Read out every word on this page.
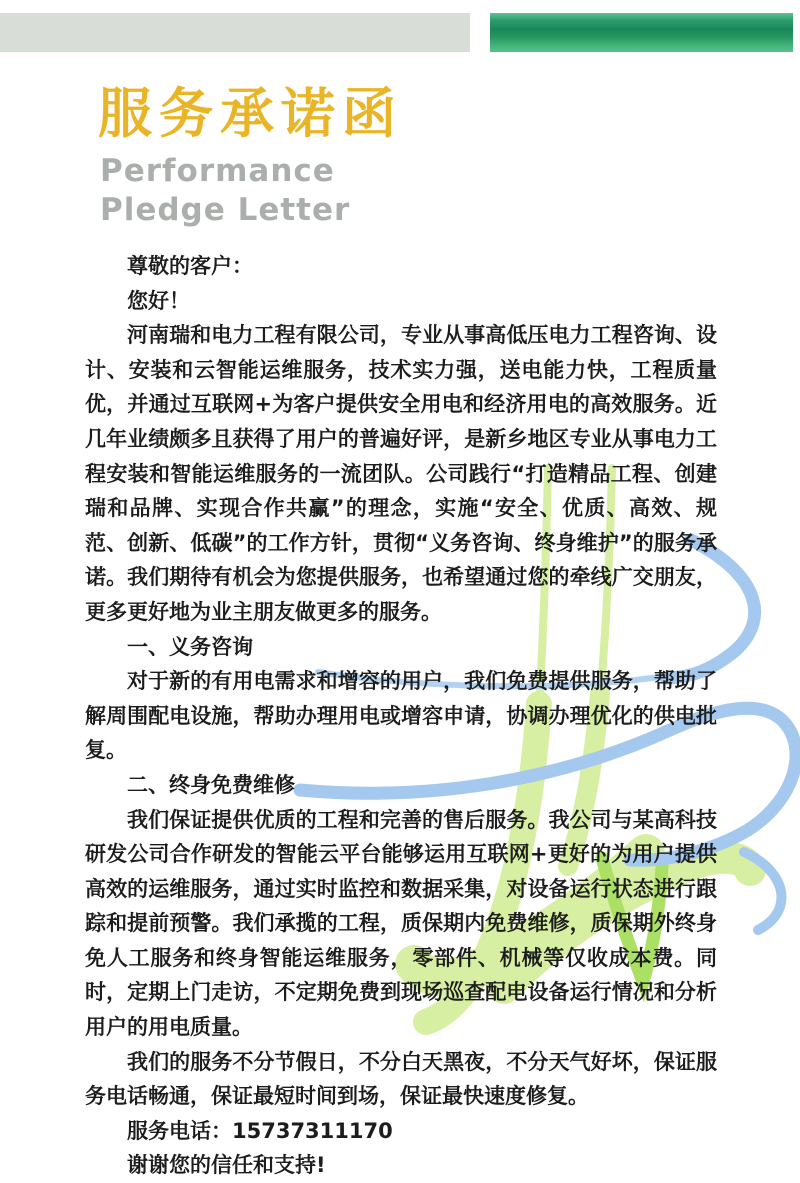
服务承诺函
Performance
Pledge Letter

尊敬的客户：

您好！

河南瑞和电力工程有限公司，专业从事高低压电力工程咨询、设计、安装和云智能运维服务，技术实力强，送电能力快，工程质量优，并通过互联网+为客户提供安全用电和经济用电的高效服务。近几年业绩颇多且获得了用户的普遍好评，是新乡地区专业从事电力工程安装和智能运维服务的一流团队。公司践行“打造精品工程、创建瑞和品牌、实现合作共赢”的理念，实施“安全、优质、高效、规范、创新、低碳”的工作方针，贯彻“义务咨询、终身维护”的服务承诺。我们期待有机会为您提供服务，也希望通过您的牵线广交朋友，更多更好地为业主朋友做更多的服务。

一、义务咨询

对于新的有用电需求和增容的用户，我们免费提供服务，帮助了解周围配电设施，帮助办理用电或增容申请，协调办理优化的供电批复。

二、终身免费维修

我们保证提供优质的工程和完善的售后服务。我公司与某高科技研发公司合作研发的智能云平台能够运用互联网+更好的为用户提供高效的运维服务，通过实时监控和数据采集，对设备运行状态进行跟踪和提前预警。我们承揽的工程，质保期内免费维修，质保期外终身免人工服务和终身智能运维服务，零部件、机械等仅收成本费。同时，定期上门走访，不定期免费到现场巡查配电设备运行情况和分析用户的用电质量。

我们的服务不分节假日，不分白天黑夜，不分天气好坏，保证服务电话畅通，保证最短时间到场，保证最快速度修复。

服务电话：15737311170

谢谢您的信任和支持!
